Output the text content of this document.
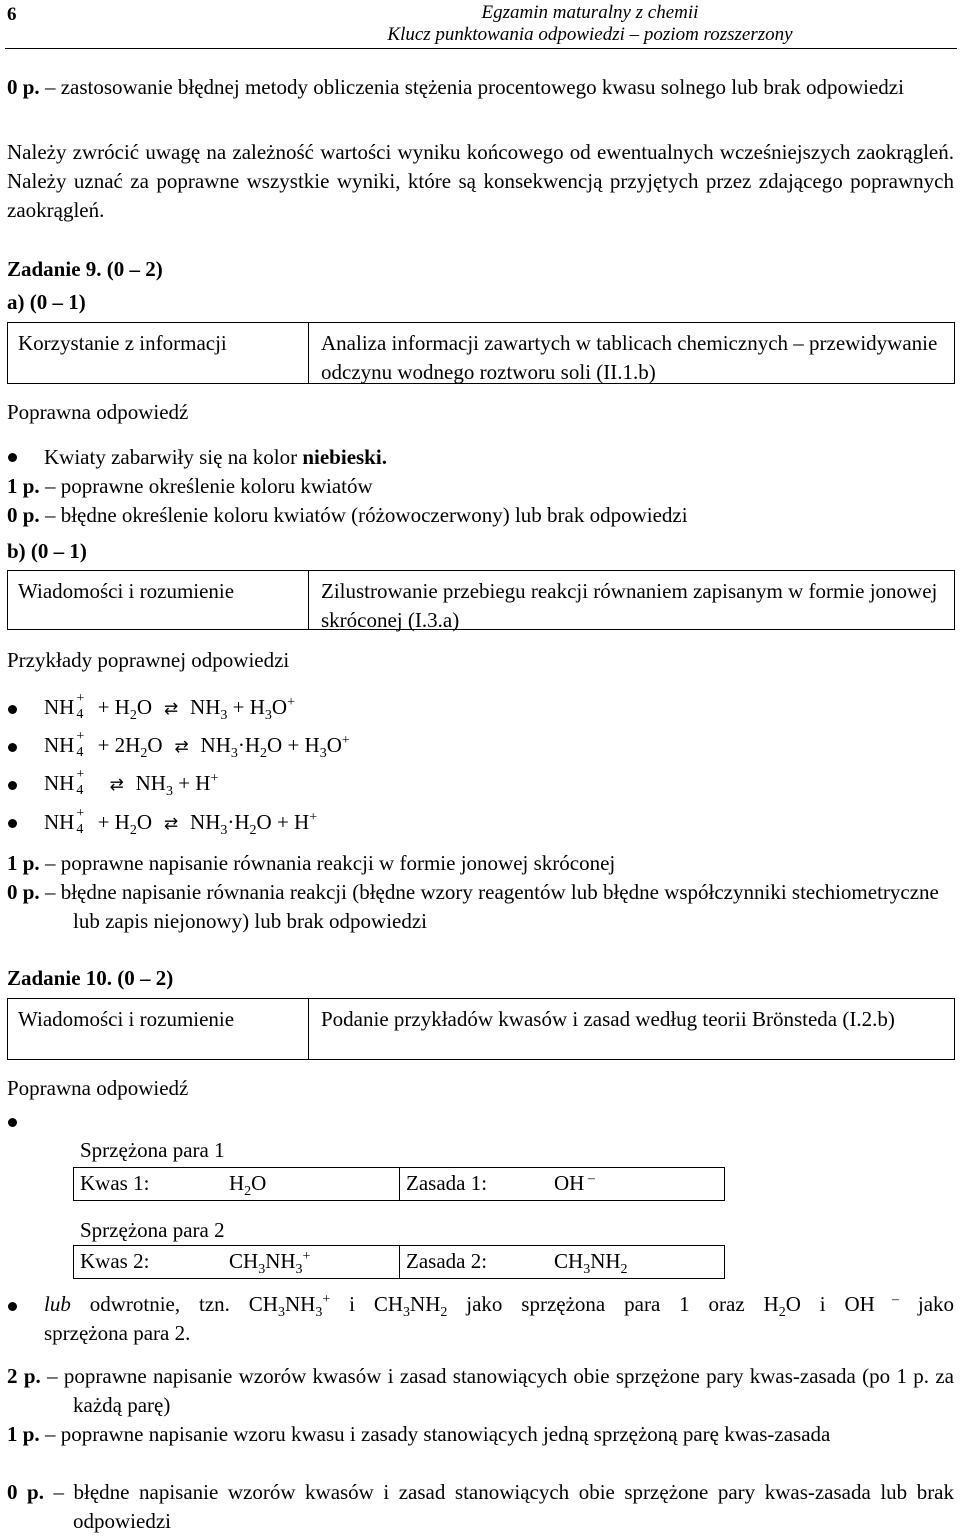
6	Egzamin maturalny z chemii
Klucz punktowania odpowiedzi – poziom rozszerzony
0 p. – zastosowanie błędnej metody obliczenia stężenia procentowego kwasu solnego lub brak odpowiedzi
Należy zwrócić uwagę na zależność wartości wyniku końcowego od ewentualnych wcześniejszych zaokrągleń. Należy uznać za poprawne wszystkie wyniki, które są konsekwencją przyjętych przez zdającego poprawnych zaokrągleń.
Zadanie 9. (0 – 2)
a) (0 – 1)
Korzystanie z informacji	Analiza informacji zawartych w tablicach chemicznych – przewidywanie odczynu wodnego roztworu soli (II.1.b)
Poprawna odpowiedź
Kwiaty zabarwiły się na kolor niebieski.
1 p. – poprawne określenie koloru kwiatów
0 p. – błędne określenie koloru kwiatów (różowoczerwony) lub brak odpowiedzi
b) (0 – 1)
Wiadomości i rozumienie	Zilustrowanie przebiegu reakcji równaniem zapisanym w formie jonowej skróconej (I.3.a)
Przykłady poprawnej odpowiedzi
NH +
$4 + H_2O$ ⇄ $NH_3 + H_3O^+$
NH +
$4 + 2H_2O$ ⇄ $NH_3\cdot H_2O + H_3O^+$
NH +
4 ⇄ $NH_3 + H^+$
NH +
$4 + H_2O$ ⇄ $NH_3\cdot H_2O + H^+$
1 p. – poprawne napisanie równania reakcji w formie jonowej skróconej
0 p. – błędne napisanie równania reakcji (błędne wzory reagentów lub błędne współczynniki stechiometryczne lub zapis niejonowy) lub brak odpowiedzi
Zadanie 10. (0 – 2)
Wiadomości i rozumienie	Podanie przykładów kwasów i zasad według teorii Brönsteda (I.2.b)
Poprawna odpowiedź
Sprzężona para 1
Kwas 1:	$H_2O$	Zasada 1:	OH –
Sprzężona para 2
Kwas 2:	$CH_3NH_3^+$	Zasada 2:	$CH_3NH_2$
lub odwrotnie, tzn. $CH_3NH_3^+$ i $CH_3NH_2$ jako sprzężona para 1 oraz $H_2O$ i OH – jako
sprzężona para 2.
2 p. – poprawne napisanie wzorów kwasów i zasad stanowiących obie sprzężone pary kwas-zasada (po 1 p. za każdą parę)
1 p. – poprawne napisanie wzoru kwasu i zasady stanowiących jedną sprzężoną parę kwas-zasada
0 p. – błędne napisanie wzorów kwasów i zasad stanowiących obie sprzężone pary kwas-zasada lub brak odpowiedzi
